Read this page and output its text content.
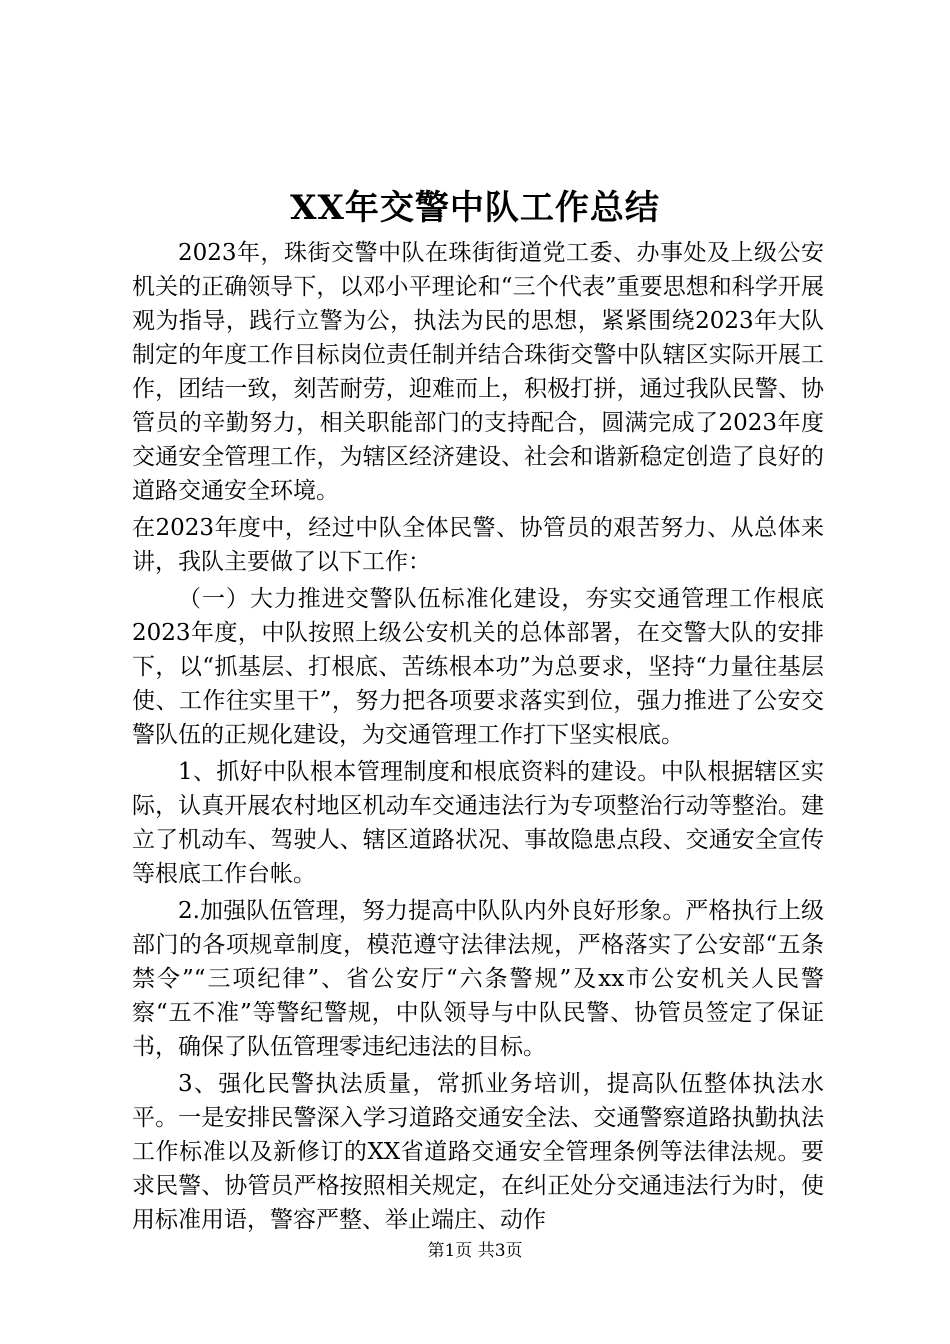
XX年交警中队工作总结

2023年，珠街交警中队在珠街街道党工委、办事处及上级公安机关的正确领导下，以邓小平理论和“三个代表”重要思想和科学开展观为指导，践行立警为公，执法为民的思想，紧紧围绕2023年大队制定的年度工作目标岗位责任制并结合珠街交警中队辖区实际开展工作，团结一致，刻苦耐劳，迎难而上，积极打拼，通过我队民警、协管员的辛勤努力，相关职能部门的支持配合，圆满完成了2023年度交通安全管理工作，为辖区经济建设、社会和谐新稳定创造了良好的道路交通安全环境。

在2023年度中，经过中队全体民警、协管员的艰苦努力、从总体来讲，我队主要做了以下工作：

（一）大力推进交警队伍标准化建设，夯实交通管理工作根底2023年度，中队按照上级公安机关的总体部署，在交警大队的安排下，以“抓基层、打根底、苦练根本功”为总要求，坚持“力量往基层使、工作往实里干”，努力把各项要求落实到位，强力推进了公安交警队伍的正规化建设，为交通管理工作打下坚实根底。

1、抓好中队根本管理制度和根底资料的建设。中队根据辖区实际，认真开展农村地区机动车交通违法行为专项整治行动等整治。建立了机动车、驾驶人、辖区道路状况、事故隐患点段、交通安全宣传等根底工作台帐。

2.加强队伍管理，努力提高中队队内外良好形象。严格执行上级部门的各项规章制度，模范遵守法律法规，严格落实了公安部“五条禁令”“三项纪律”、省公安厅“六条警规”及xx市公安机关人民警察“五不准”等警纪警规，中队领导与中队民警、协管员签定了保证书，确保了队伍管理零违纪违法的目标。

3、强化民警执法质量，常抓业务培训，提高队伍整体执法水平。一是安排民警深入学习道路交通安全法、交通警察道路执勤执法工作标准以及新修订的XX省道路交通安全管理条例等法律法规。要求民警、协管员严格按照相关规定，在纠正处分交通违法行为时，使用标准用语，警容严整、举止端庄、动作

第1页 共3页
